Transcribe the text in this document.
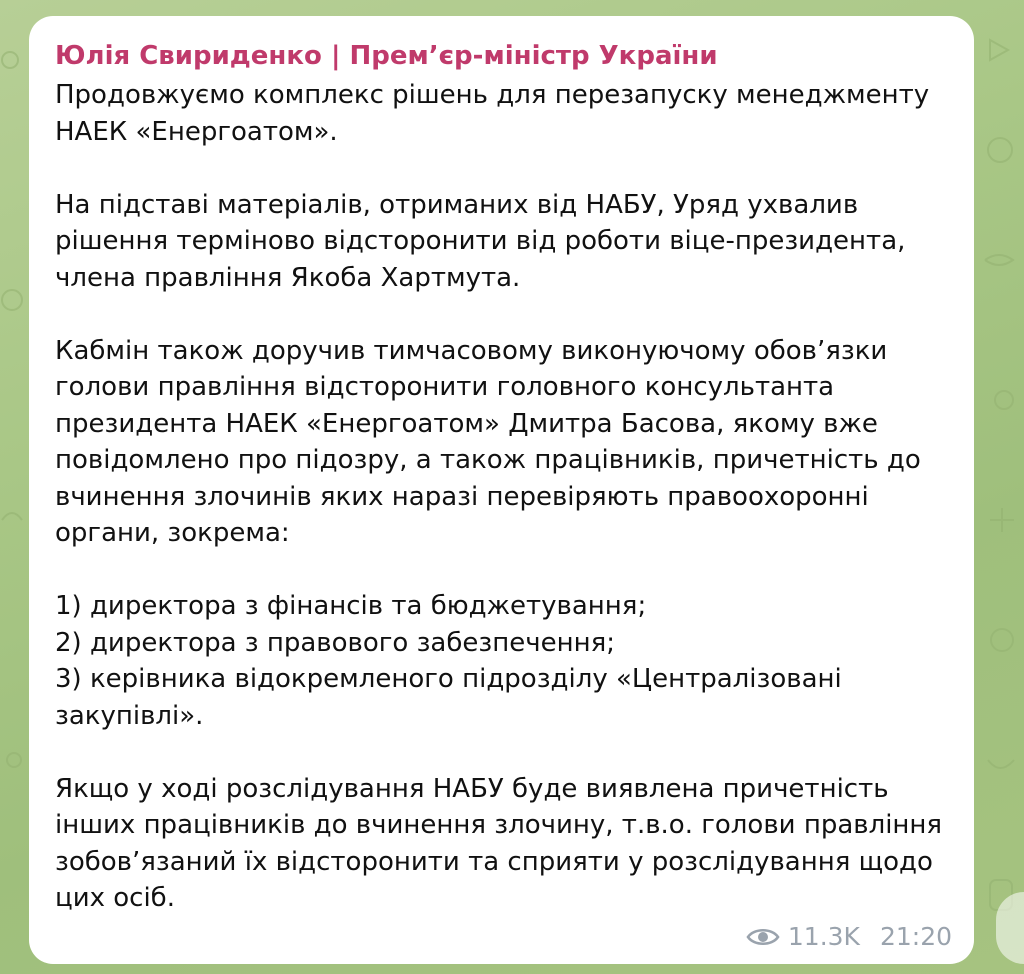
Юлія Свириденко | Прем’єр-міністр України

Продовжуємо комплекс рішень для перезапуску менеджменту

НАЕК «Енергоатом».

На підставі матеріалів, отриманих від НАБУ, Уряд ухвалив

рішення терміново відсторонити від роботи віце-президента,

члена правління Якоба Хартмута.

Кабмін також доручив тимчасовому виконуючому обов’язки

голови правління відсторонити головного консультанта

президента НАЕК «Енергоатом» Дмитра Басова, якому вже

повідомлено про підозру, а також працівників, причетність до

вчинення злочинів яких наразі перевіряють правоохоронні

органи, зокрема:

1) директора з фінансів та бюджетування;

2) директора з правового забезпечення;

3) керівника відокремленого підрозділу «Централізовані

закупівлі».

Якщо у ході розслідування НАБУ буде виявлена причетність

інших працівників до вчинення злочину, т.в.о. голови правління

зобов’язаний їх відсторонити та сприяти у розслідування щодо

цих осіб.

11.3K 21:20
